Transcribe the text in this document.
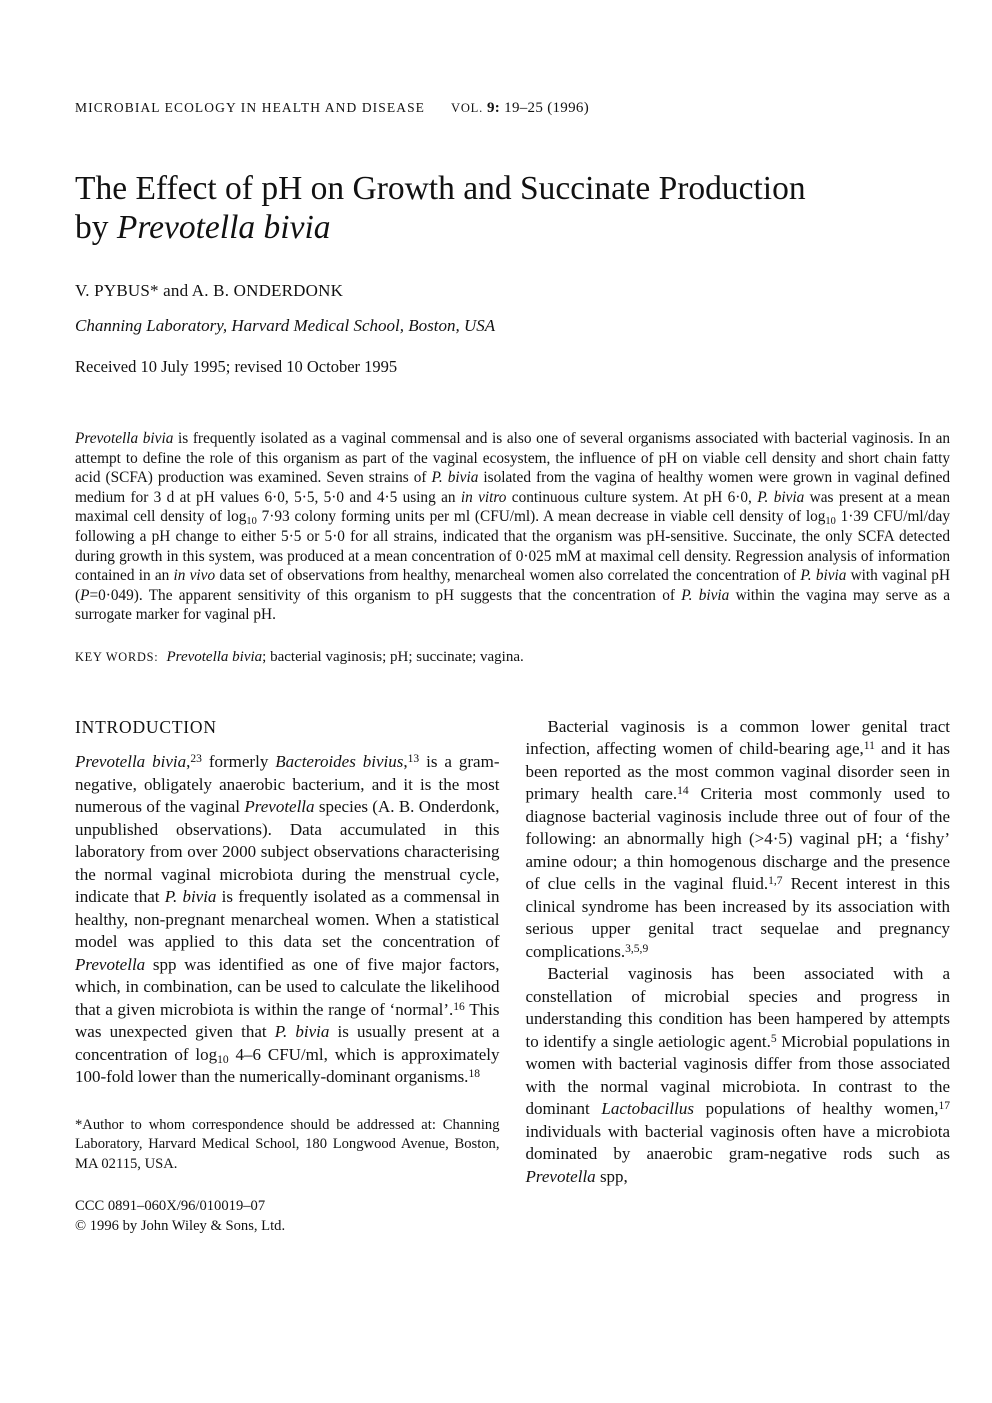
MICROBIAL ECOLOGY IN HEALTH AND DISEASE VOL. 9: 19–25 (1996)
The Effect of pH on Growth and Succinate Production
by Prevotella bivia
V. PYBUS* and A. B. ONDERDONK
Channing Laboratory, Harvard Medical School, Boston, USA
Received 10 July 1995; revised 10 October 1995
Prevotella bivia is frequently isolated as a vaginal commensal and is also one of several organisms associated with bacterial vaginosis. In an attempt to define the role of this organism as part of the vaginal ecosystem, the influence of pH on viable cell density and short chain fatty acid (SCFA) production was examined. Seven strains of P. bivia isolated from the vagina of healthy women were grown in vaginal defined medium for 3 d at pH values 6·0, 5·5, 5·0 and 4·5 using an in vitro continuous culture system. At pH 6·0, P. bivia was present at a mean maximal cell density of $\log_{10} 7\cdot 93$ colony forming units per ml (CFU/ml). A mean decrease in viable cell density of $\log_{10} 1\cdot 39$ CFU/ml/day following a pH change to either 5·5 or 5·0 for all strains, indicated that the organism was pH-sensitive. Succinate, the only SCFA detected during growth in this system, was produced at a mean concentration of 0·025 mM at maximal cell density. Regression analysis of information contained in an in vivo data set of observations from healthy, menarcheal women also correlated the concentration of P. bivia with vaginal pH (P=0·049). The apparent sensitivity of this organism to pH suggests that the concentration of P. bivia within the vagina may serve as a surrogate marker for vaginal pH.
KEY WORDS: Prevotella bivia; bacterial vaginosis; pH; succinate; vagina.
INTRODUCTION

Prevotella bivia,$^{23}$ formerly Bacteroides bivius,$^{13}$ is a gram-negative, obligately anaerobic bacterium, and it is the most numerous of the vaginal Prevotella species (A. B. Onderdonk, unpublished observations). Data accumulated in this laboratory from over 2000 subject observations characterising the normal vaginal microbiota during the menstrual cycle, indicate that P. bivia is frequently isolated as a commensal in healthy, non-pregnant menarcheal women. When a statistical model was applied to this data set the concentration of Prevotella spp was identified as one of five major factors, which, in combination, can be used to calculate the likelihood that a given microbiota is within the range of ‘normal’.$^{16}$ This was unexpected given that P. bivia is usually present at a concentration of $\log_{10} 4-6$ CFU/ml, which is approximately 100-fold lower than the numerically-dominant organisms.$^{18}$

*Author to whom correspondence should be addressed at: Channing Laboratory, Harvard Medical School, 180 Longwood Avenue, Boston, MA 02115, USA.
CCC 0891–060X/96/010019–07
© 1996 by John Wiley & Sons, Ltd.

Bacterial vaginosis is a common lower genital tract infection, affecting women of child-bearing age,$^{11}$ and it has been reported as the most common vaginal disorder seen in primary health care.$^{14}$ Criteria most commonly used to diagnose bacterial vaginosis include three out of four of the following: an abnormally high (>4·5) vaginal pH; a ‘fishy’ amine odour; a thin homogenous discharge and the presence of clue cells in the vaginal fluid.$^{1,7}$ Recent interest in this clinical syndrome has been increased by its association with serious upper genital tract sequelae and pregnancy complications.$^{3,5,9}$

Bacterial vaginosis has been associated with a constellation of microbial species and progress in understanding this condition has been hampered by attempts to identify a single aetiologic agent.$^5$ Microbial populations in women with bacterial vaginosis differ from those associated with the normal vaginal microbiota. In contrast to the dominant Lactobacillus populations of healthy women,$^{17}$ individuals with bacterial vaginosis often have a microbiota dominated by anaerobic gram-negative rods such as Prevotella spp,
